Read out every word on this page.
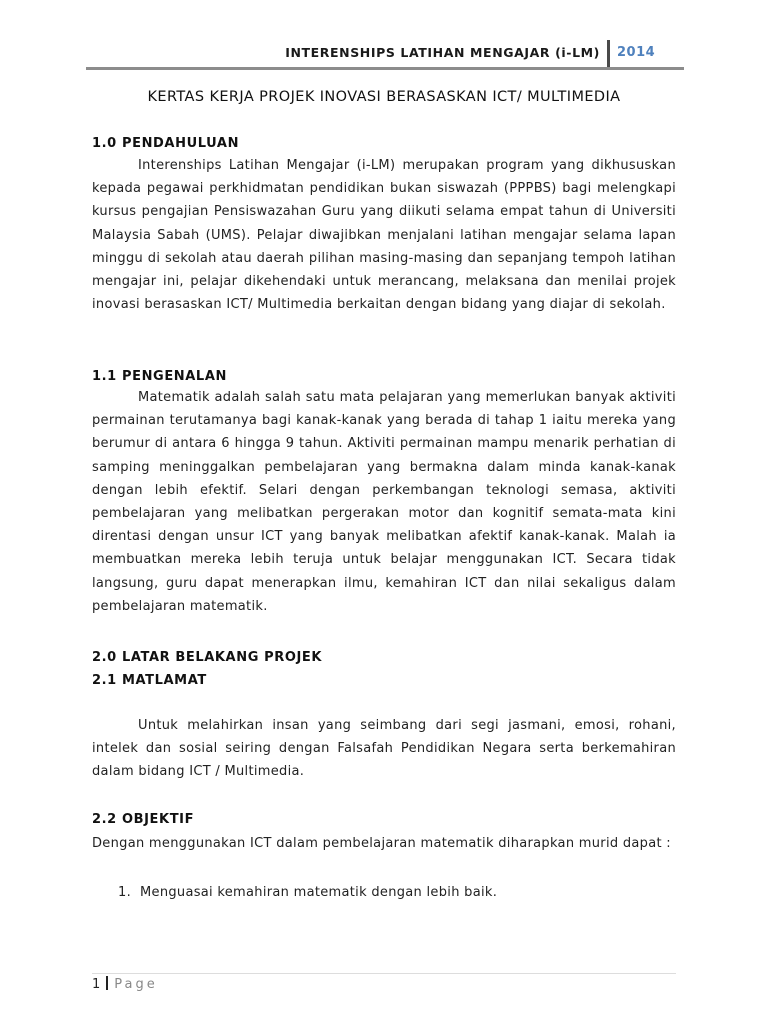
INTERENSHIPS LATIHAN MENGAJAR (i-LM) 2014
KERTAS KERJA PROJEK INOVASI BERASASKAN ICT/ MULTIMEDIA
1.0 PENDAHULUAN
Interenships Latihan Mengajar (i-LM) merupakan program yang dikhususkan kepada pegawai perkhidmatan pendidikan bukan siswazah (PPPBS) bagi melengkapi kursus pengajian Pensiswazahan Guru yang diikuti selama empat tahun di Universiti Malaysia Sabah (UMS). Pelajar diwajibkan menjalani latihan mengajar selama lapan minggu di sekolah atau daerah pilihan masing-masing dan sepanjang tempoh latihan mengajar ini, pelajar dikehendaki untuk merancang, melaksana dan menilai projek inovasi berasaskan ICT/ Multimedia berkaitan dengan bidang yang diajar di sekolah.
1.1 PENGENALAN
Matematik adalah salah satu mata pelajaran yang memerlukan banyak aktiviti permainan terutamanya bagi kanak-kanak yang berada di tahap 1 iaitu mereka yang berumur di antara 6 hingga 9 tahun. Aktiviti permainan mampu menarik perhatian di samping meninggalkan pembelajaran yang bermakna dalam minda kanak-kanak dengan lebih efektif. Selari dengan perkembangan teknologi semasa, aktiviti pembelajaran yang melibatkan pergerakan motor dan kognitif semata-mata kini direntasi dengan unsur ICT yang banyak melibatkan afektif kanak-kanak. Malah ia membuatkan mereka lebih teruja untuk belajar menggunakan ICT. Secara tidak langsung, guru dapat menerapkan ilmu, kemahiran ICT dan nilai sekaligus dalam pembelajaran matematik.
2.0 LATAR BELAKANG PROJEK
2.1 MATLAMAT
Untuk melahirkan insan yang seimbang dari segi jasmani, emosi, rohani, intelek dan sosial seiring dengan Falsafah Pendidikan Negara serta berkemahiran dalam bidang ICT / Multimedia.
2.2 OBJEKTIF
Dengan menggunakan ICT dalam pembelajaran matematik diharapkan murid dapat :
1. Menguasai kemahiran matematik dengan lebih baik.
1 Page
